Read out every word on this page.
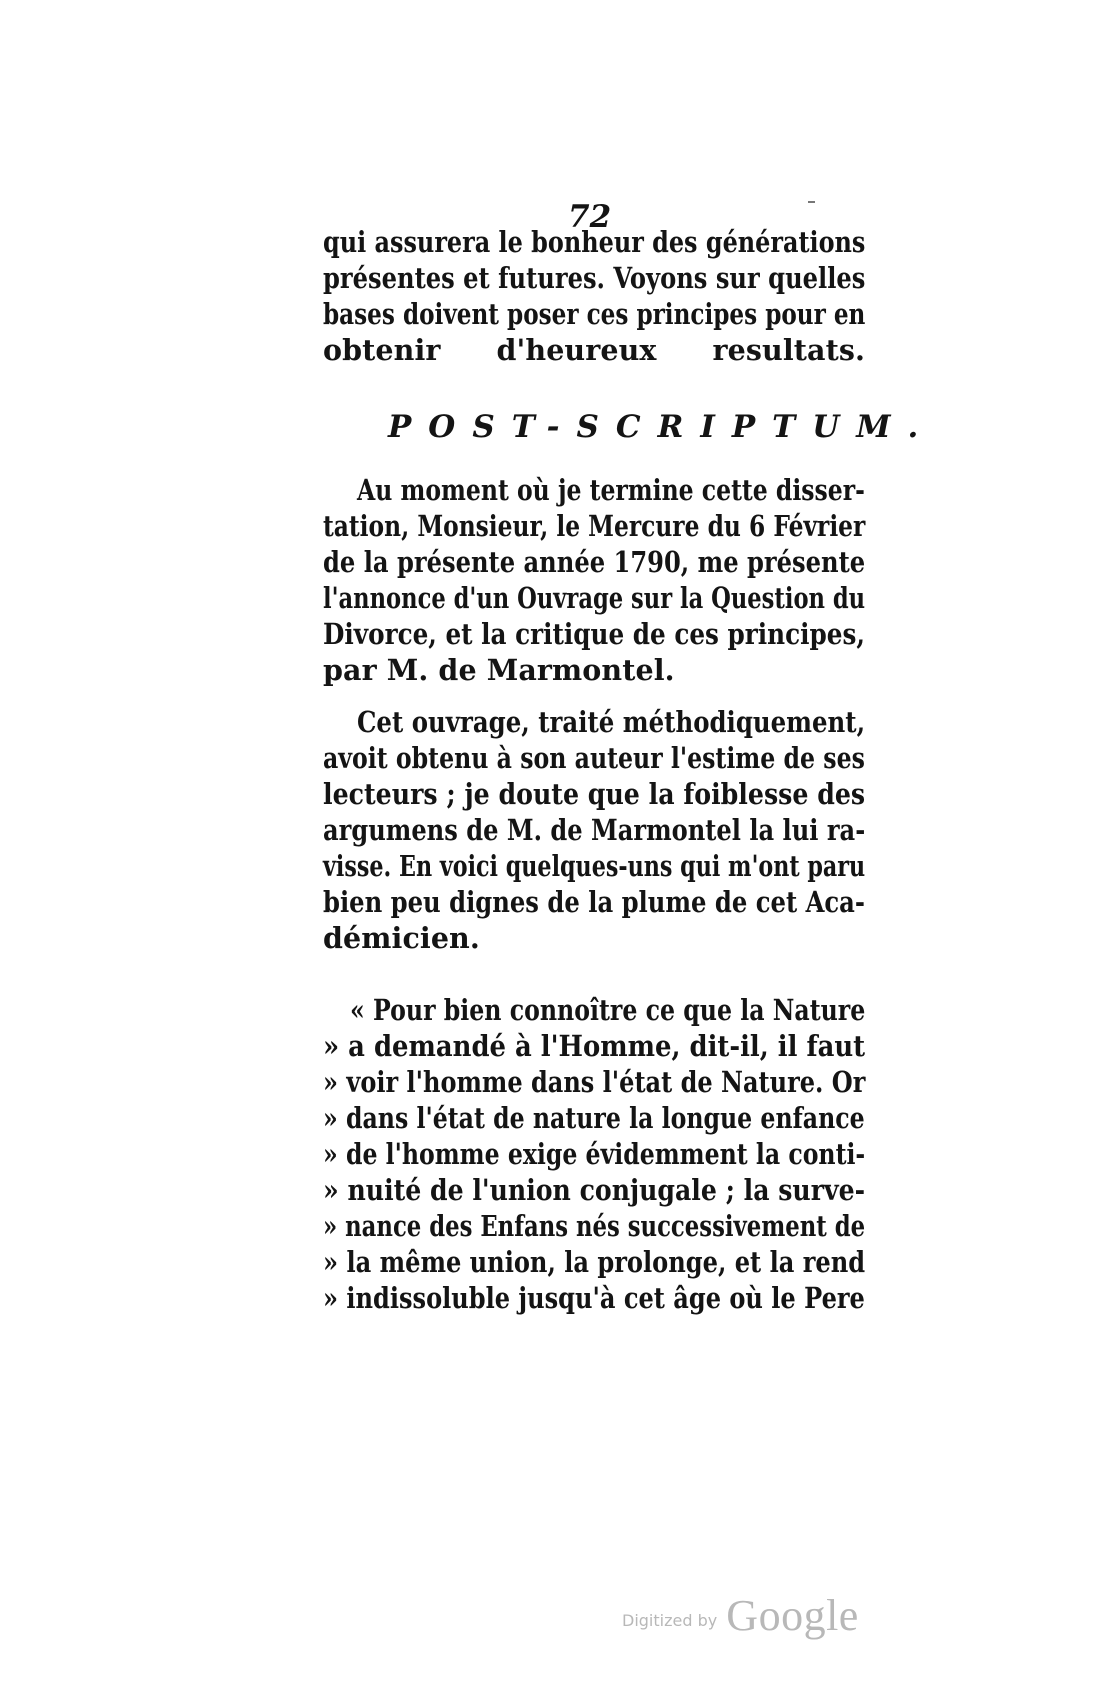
72
qui assurera le bonheur des générations
présentes et futures. Voyons sur quelles
bases doivent poser ces principes pour en
obtenir d'heureux resultats.
POST-SCRIPTUM.
Au moment où je termine cette disser-
tation, Monsieur, le Mercure du 6 Février
de la présente année 1790, me présente
l'annonce d'un Ouvrage sur la Question du
Divorce, et la critique de ces principes,
par M. de Marmontel.
Cet ouvrage, traité méthodiquement,
avoit obtenu à son auteur l'estime de ses
lecteurs ; je doute que la foiblesse des
argumens de M. de Marmontel la lui ra-
visse. En voici quelques-uns qui m'ont paru
bien peu dignes de la plume de cet Aca-
démicien.
« Pour bien connoître ce que la Nature
» a demandé à l'Homme, dit-il, il faut
» voir l'homme dans l'état de Nature. Or
» dans l'état de nature la longue enfance
» de l'homme exige évidemment la conti-
» nuité de l'union conjugale ; la surve-
» nance des Enfans nés successivement de
» la même union, la prolonge, et la rend
» indissoluble jusqu'à cet âge où le Pere
Digitized by Google
